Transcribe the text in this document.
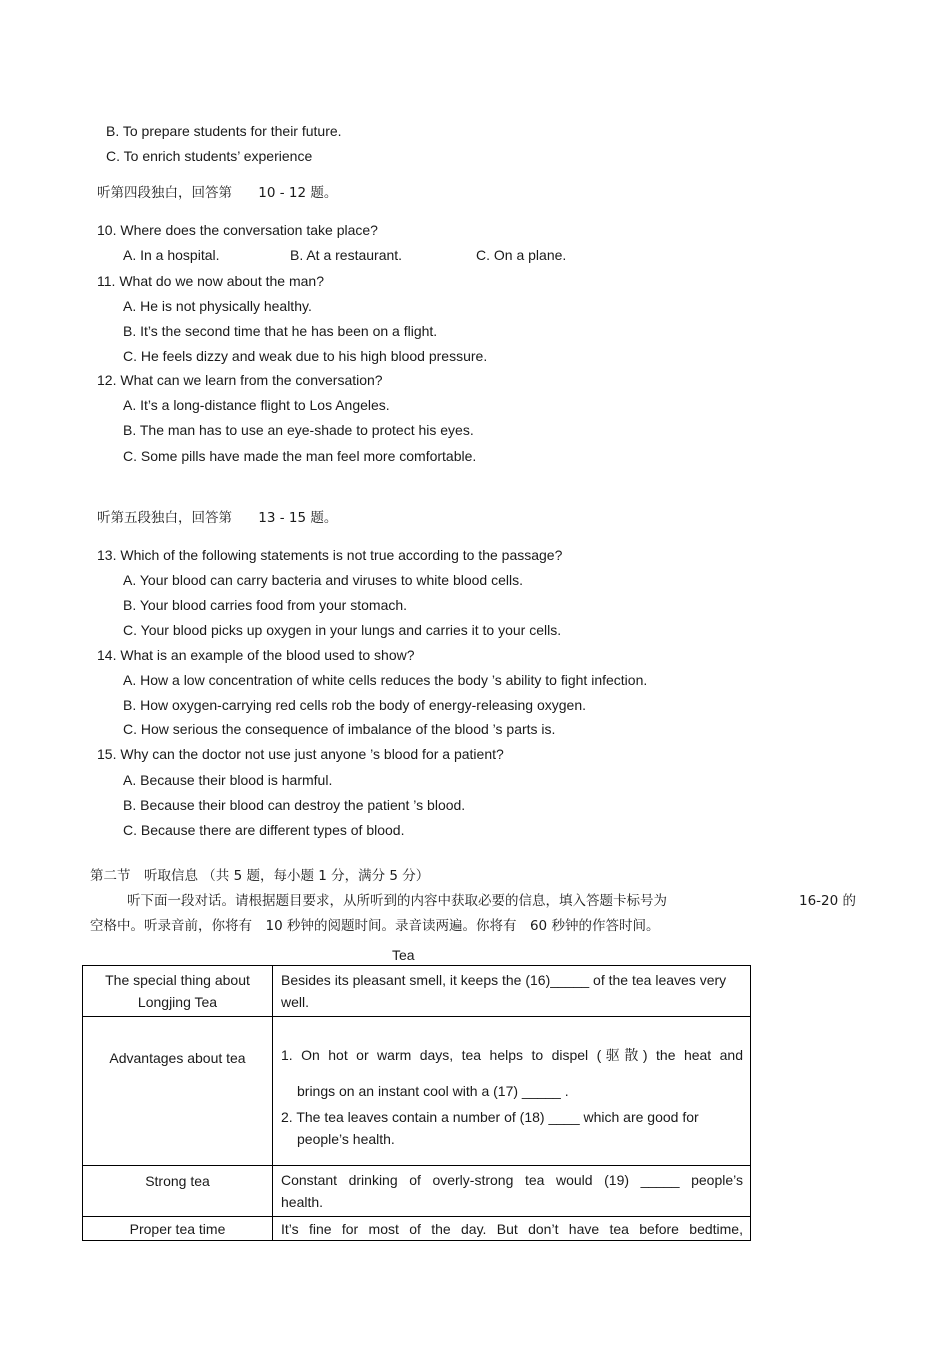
B. To prepare students for their future.
C. To enrich students’ experience
听第四段独白，回答第 10 - 12 题。
10. Where does the conversation take place?
A. In a hospital.	B. At a restaurant.	C. On a plane.
11. What do we now about the man?
A. He is not physically healthy.
B. It’s the second time that he has been on a flight.
C. He feels dizzy and weak due to his high blood pressure.
12. What can we learn from the conversation?
A. It’s a long-distance flight to Los Angeles.
B. The man has to use an eye-shade to protect his eyes.
C. Some pills have made the man feel more comfortable.
听第五段独白，回答第 13 - 15 题。
13. Which of the following statements is not true according to the passage?
A. Your blood can carry bacteria and viruses to white blood cells.
B. Your blood carries food from your stomach.
C. Your blood picks up oxygen in your lungs and carries it to your cells.
14. What is an example of the blood used to show?
A. How a low concentration of white cells reduces the body ’s ability to fight infection.
B. How oxygen-carrying red cells rob the body of energy-releasing oxygen.
C. How serious the consequence of imbalance of the blood ’s parts is.
15. Why can the doctor not use just anyone ’s blood for a patient?
A. Because their blood is harmful.
B. Because their blood can destroy the patient ’s blood.
C. Because there are different types of blood.
第二节　听取信息 （共 5 题，每小题 1 分，满分 5 分）
听下面一段对话。请根据题目要求，从所听到的内容中获取必要的信息，填入答题卡标号为	16-20 的
空格中。听录音前，你将有　10 秒钟的阅题时间。录音读两遍。你将有　60 秒钟的作答时间。
Tea
The special thing about Longjing Tea	Besides its pleasant smell, it keeps the (16)_____ of the tea leaves very well.
Advantages about tea	1. On hot or warm days, tea helps to dispel (驱散) the heat and
brings on an instant cool with a (17) _____ .
2. The tea leaves contain a number of (18) ____ which are good for
people’s health.

Strong tea	Constant drinking of overly-strong tea would (19) _____ people’s
health.

Proper tea time	It’s fine for most of the day. But don’t have tea before bedtime,
